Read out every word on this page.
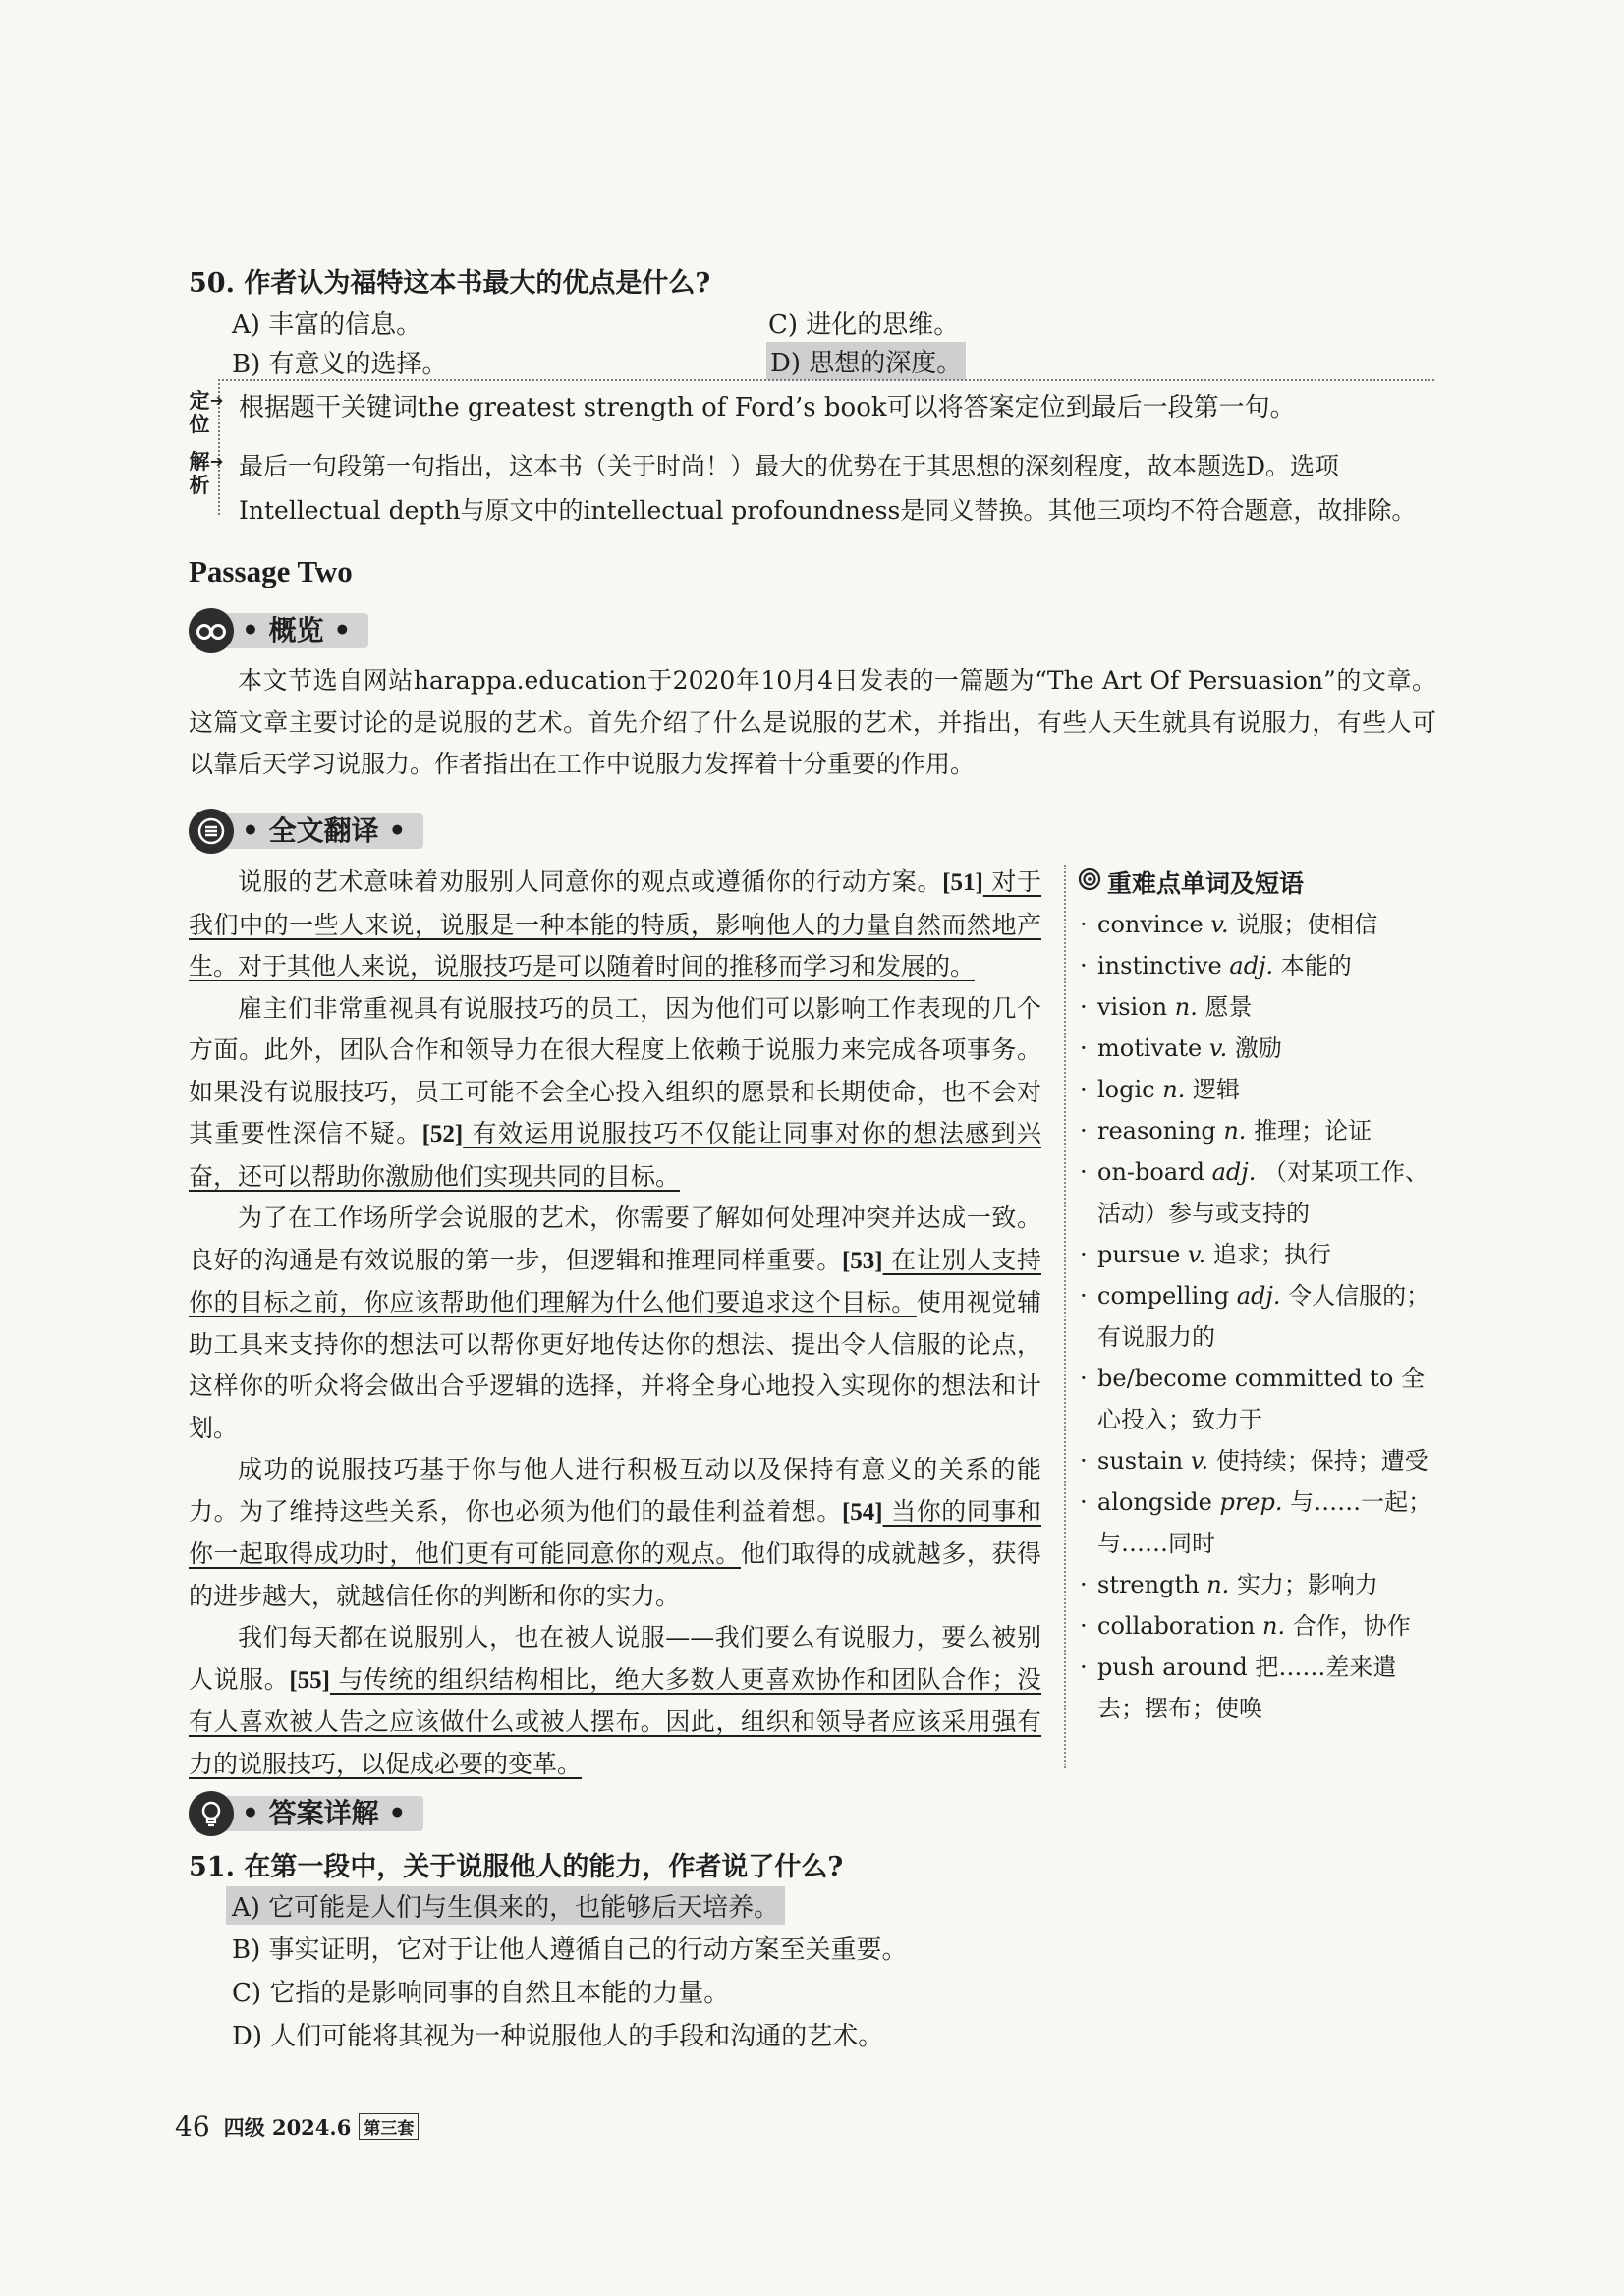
50. 作者认为福特这本书最大的优点是什么?
A) 丰富的信息。	C) 进化的思维。
B) 有意义的选择。	D) 思想的深度。
定
位
➔ 根据题干关键词the greatest strength of Ford’s book可以将答案定位到最后一段第一句。
解
析
➔ 最后一句段第一句指出，这本书（关于时尚！）最大的优势在于其思想的深刻程度，故本题选D。选项
Intellectual depth与原文中的intellectual profoundness是同义替换。其他三项均不符合题意，故排除。
Passage Two
• 概览 •

本文节选自网站harappa.education于2020年10月4日发表的一篇题为“The Art Of Persuasion”的文章。这篇文章主要讨论的是说服的艺术。首先介绍了什么是说服的艺术，并指出，有些人天生就具有说服力，有些人可以靠后天学习说服力。作者指出在工作中说服力发挥着十分重要的作用。

• 全文翻译 •

说服的艺术意味着劝服别人同意你的观点或遵循你的行动方案。[51] 对于我们中的一些人来说，说服是一种本能的特质，影响他人的力量自然而然地产生。对于其他人来说，说服技巧是可以随着时间的推移而学习和发展的。

雇主们非常重视具有说服技巧的员工，因为他们可以影响工作表现的几个方面。此外，团队合作和领导力在很大程度上依赖于说服力来完成各项事务。如果没有说服技巧，员工可能不会全心投入组织的愿景和长期使命，也不会对其重要性深信不疑。[52] 有效运用说服技巧不仅能让同事对你的想法感到兴奋，还可以帮助你激励他们实现共同的目标。

为了在工作场所学会说服的艺术，你需要了解如何处理冲突并达成一致。良好的沟通是有效说服的第一步，但逻辑和推理同样重要。[53] 在让别人支持你的目标之前，你应该帮助他们理解为什么他们要追求这个目标。使用视觉辅助工具来支持你的想法可以帮你更好地传达你的想法、提出令人信服的论点，这样你的听众将会做出合乎逻辑的选择，并将全身心地投入实现你的想法和计划。

成功的说服技巧基于你与他人进行积极互动以及保持有意义的关系的能力。为了维持这些关系，你也必须为他们的最佳利益着想。[54] 当你的同事和你一起取得成功时，他们更有可能同意你的观点。他们取得的成就越多，获得的进步越大，就越信任你的判断和你的实力。

我们每天都在说服别人，也在被人说服——我们要么有说服力，要么被别人说服。[55] 与传统的组织结构相比，绝大多数人更喜欢协作和团队合作；没有人喜欢被人告之应该做什么或被人摆布。因此，组织和领导者应该采用强有力的说服技巧，以促成必要的变革。

重难点单词及短语
· convince v. 说服；使相信
· instinctive adj. 本能的
· vision n. 愿景
· motivate v. 激励
· logic n. 逻辑
· reasoning n. 推理；论证
· on-board adj. （对某项工作、活动）参与或支持的
· pursue v. 追求；执行
· compelling adj. 令人信服的；有说服力的
· be/become committed to 全心投入；致力于
· sustain v. 使持续；保持；遭受
· alongside prep. 与……一起；与……同时
· strength n. 实力；影响力
· collaboration n. 合作，协作
· push around 把……差来遣去；摆布；使唤
• 答案详解 •
51. 在第一段中，关于说服他人的能力，作者说了什么?
A) 它可能是人们与生俱来的，也能够后天培养。
B) 事实证明，它对于让他人遵循自己的行动方案至关重要。
C) 它指的是影响同事的自然且本能的力量。
D) 人们可能将其视为一种说服他人的手段和沟通的艺术。
46 四级 2024.6 第三套
